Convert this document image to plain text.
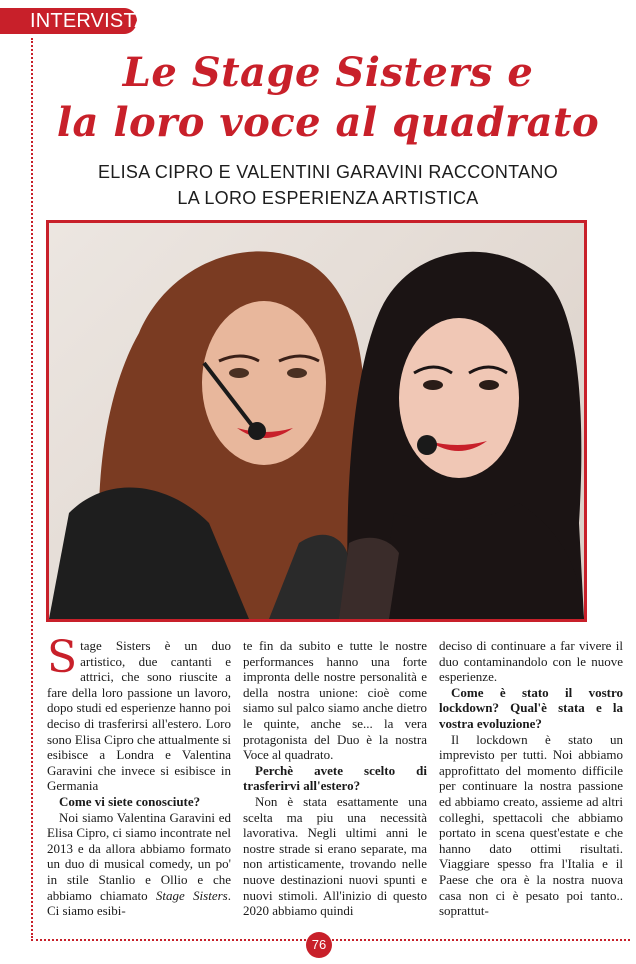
INTERVISTA
Le Stage Sisters e
la loro voce al quadrato
ELISA CIPRO E VALENTINI GARAVINI RACCONTANO
LA LORO ESPERIENZA ARTISTICA

Stage Sisters è un duo artistico, due cantanti e attrici, che sono riuscite a fare della loro passione un lavoro, dopo studi ed esperienze hanno poi deciso di trasferirsi all'estero. Loro sono Elisa Cipro che attualmente si esibisce a Londra e Valentina Garavini che invece si esibisce in Germania

Come vi siete conosciute?

Noi siamo Valentina Garavini ed Elisa Cipro, ci siamo incontrate nel 2013 e da allora abbiamo formato un duo di musical comedy, un po' in stile Stanlio e Ollio e che abbiamo chiamato Stage Sisters. Ci siamo esibi-

te fin da subito e tutte le nostre performances hanno una forte impronta delle nostre personalità e della nostra unione: cioè come siamo sul palco siamo anche dietro le quinte, anche se... la vera protagonista del Duo è la nostra Voce al quadrato.

Perchè avete scelto di trasferirvi all'estero?

Non è stata esattamente una scelta ma piu una necessità lavorativa. Negli ultimi anni le nostre strade si erano separate, ma non artisticamente, trovando nelle nuove destinazioni nuovi spunti e nuovi stimoli. All'inizio di questo 2020 abbiamo quindi

deciso di continuare a far vivere il duo contaminandolo con le nuove esperienze.

Come è stato il vostro lockdown? Qual'è stata e la vostra evoluzione?

Il lockdown è stato un imprevisto per tutti. Noi abbiamo approfittato del momento difficile per continuare la nostra passione ed abbiamo creato, assieme ad altri colleghi, spettacoli che abbiamo portato in scena quest'estate e che hanno dato ottimi risultati. Viaggiare spesso fra l'Italia e il Paese che ora è la nostra nuova casa non ci è pesato poi tanto.. soprattut-

76
